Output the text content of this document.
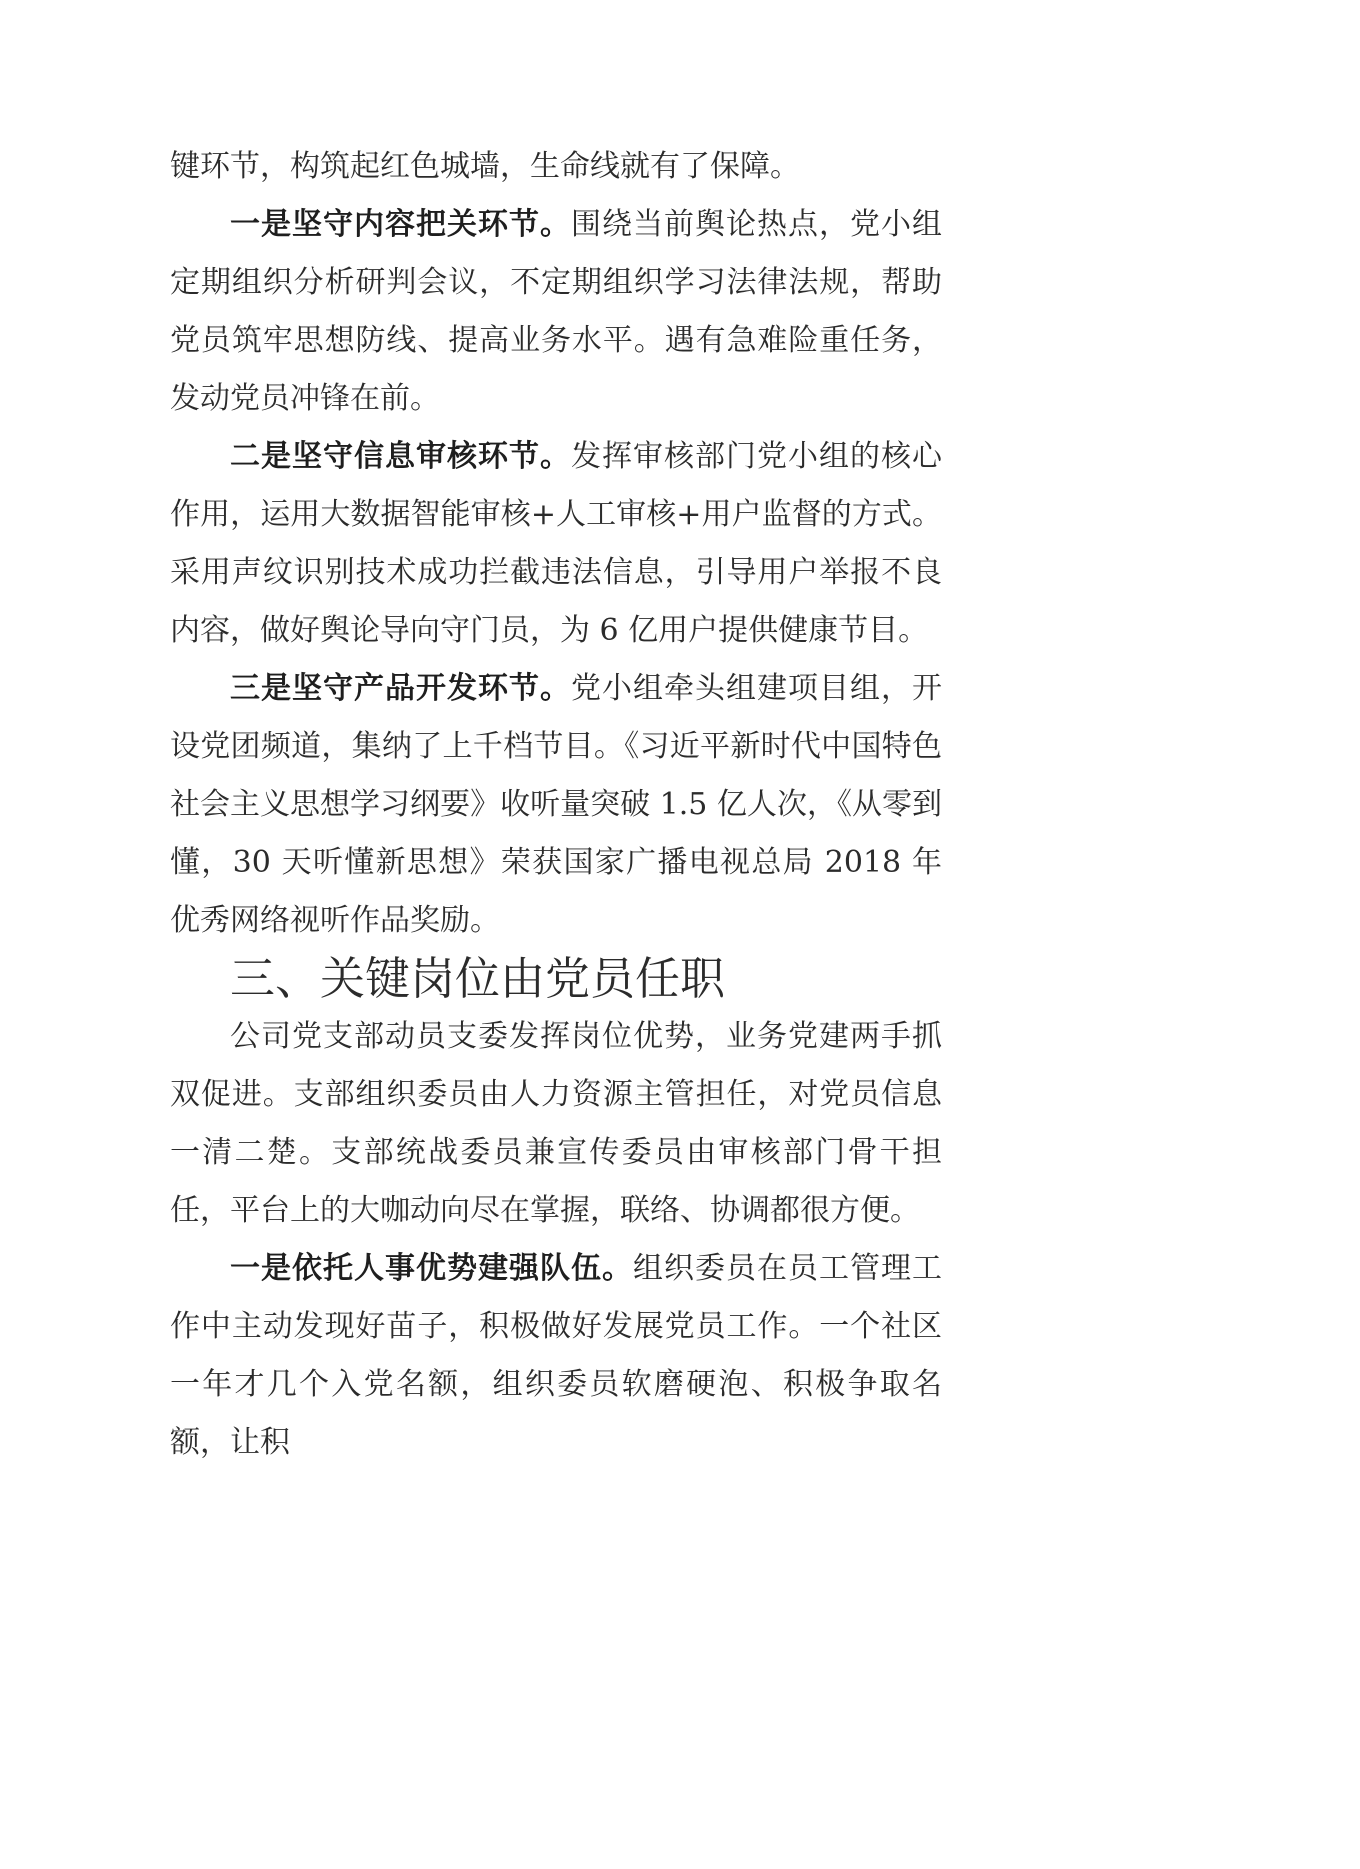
键环节，构筑起红色城墙，生命线就有了保障。

一是坚守内容把关环节。围绕当前舆论热点，党小组定期组织分析研判会议，不定期组织学习法律法规，帮助党员筑牢思想防线、提高业务水平。遇有急难险重任务，发动党员冲锋在前。

二是坚守信息审核环节。发挥审核部门党小组的核心作用，运用大数据智能审核+人工审核+用户监督的方式。采用声纹识别技术成功拦截违法信息，引导用户举报不良内容，做好舆论导向守门员，为 6 亿用户提供健康节目。

三是坚守产品开发环节。党小组牵头组建项目组，开设党团频道，集纳了上千档节目。《习近平新时代中国特色社会主义思想学习纲要》收听量突破 1.5 亿人次，《从零到懂，30 天听懂新思想》荣获国家广播电视总局 2018 年优秀网络视听作品奖励。

三、关键岗位由党员任职

公司党支部动员支委发挥岗位优势，业务党建两手抓双促进。支部组织委员由人力资源主管担任，对党员信息一清二楚。支部统战委员兼宣传委员由审核部门骨干担任，平台上的大咖动向尽在掌握，联络、协调都很方便。

一是依托人事优势建强队伍。组织委员在员工管理工作中主动发现好苗子，积极做好发展党员工作。一个社区一年才几个入党名额，组织委员软磨硬泡、积极争取名额，让积
